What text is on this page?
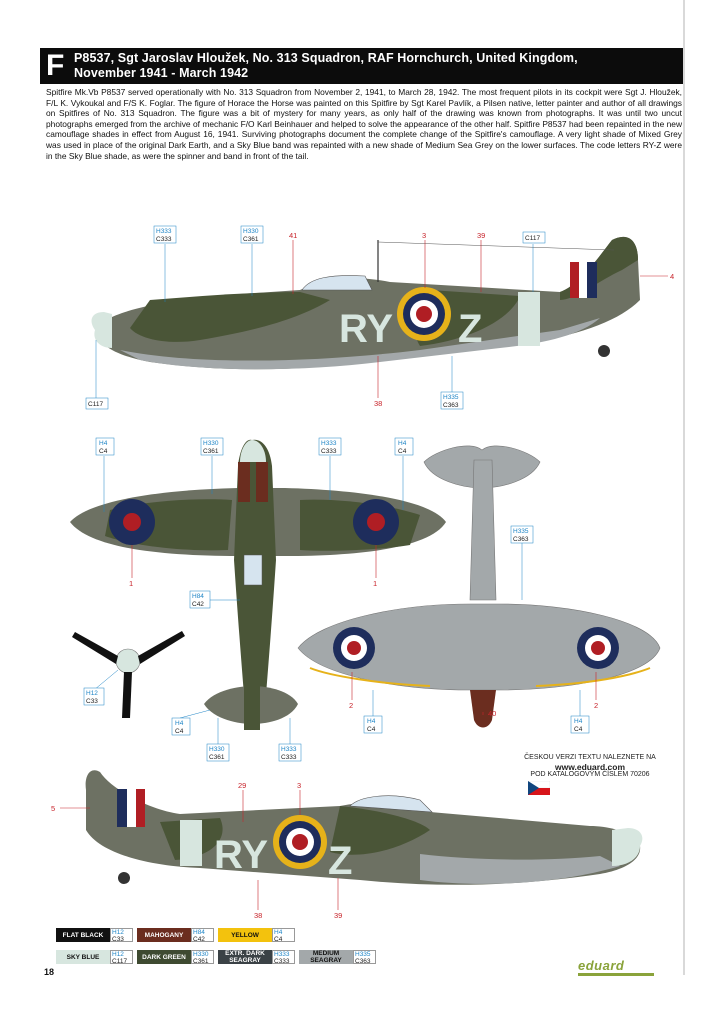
F P8537, Sgt Jaroslav Hloužek, No. 313 Squadron, RAF Hornchurch, United Kingdom,
November 1941 - March 1942
Spitfire Mk.Vb P8537 served operationally with No. 313 Squadron from November 2, 1941, to March 28, 1942. The most frequent pilots in its cockpit were Sgt J. Hloužek, F/L K. Vykoukal and F/S K. Foglar. The figure of Horace the Horse was painted on this Spitfire by Sgt Karel Pavlík, a Pilsen native, letter painter and author of all drawings on Spitfires of No. 313 Squadron. The figure was a bit of mystery for many years, as only half of the drawing was known from photographs. It was until two uncut photographs emerged from the archive of mechanic F/O Karl Beinhauer and helped to solve the appearance of the other half. Spitfire P8537 had been repainted in the new camouflage shades in effect from August 16, 1941. Surviving photographs document the complete change of the Spitfire's camouflage. A very light shade of Mixed Grey was used in place of the original Dark Earth, and a Sky Blue band was repainted with a new shade of Medium Sea Grey on the lower surfaces. The code letters RY-Z were in the Sky Blue shade, as were the spinner and band in front of the tail.
RY Z
RY Z
41	3	39
4
38
1	1
2	2
40
5
29	3
38	39
H333
C333
H330
C361	C117
C117
H335
C363
H4
C4
H330
C361
H333
C333
H4
C4
H335
C363
H84
C42
H12
C33
H4
C4
H330
C361
H333
C333
H4
C4
H4
C4
ČESKOU VERZI TEXTU NALEZNETE NA
www.eduard.com
POD KATALOGOVÝM ČÍSLEM 70206
FLAT BLACK	H12
C33
MAHOGANY	H84
C42
YELLOW	H4
C4
SKY BLUE	H12
C117
DARK GREEN	H330
C361
EXTR. DARK SEAGRAY
H333
C333
MEDIUM SEAGRAY
H335
C363
18	eduard
